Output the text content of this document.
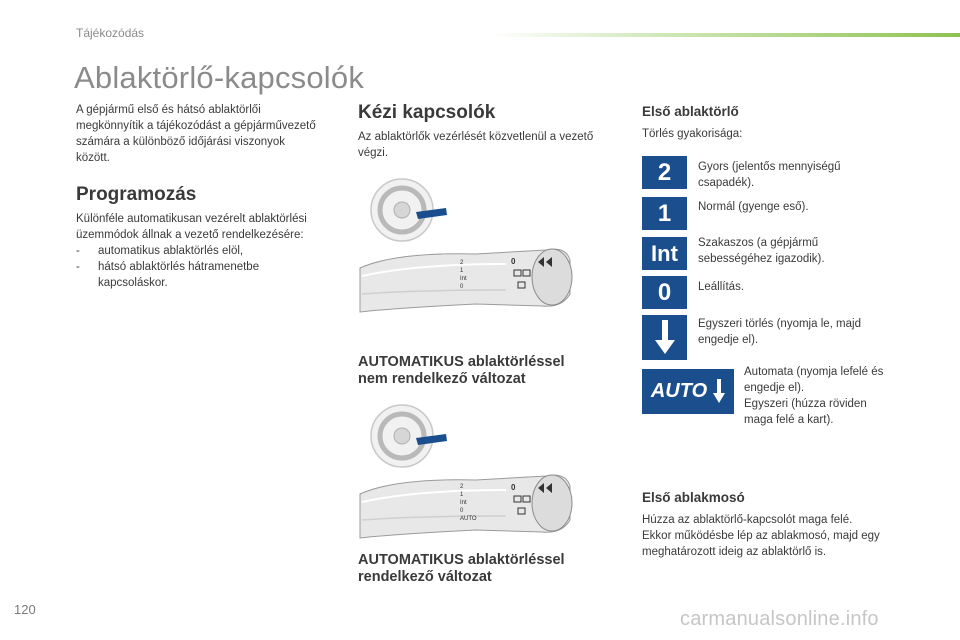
Tájékozódás
Ablaktörlő-kapcsolók
A gépjármű első és hátsó ablaktörlői
megkönnyítik a tájékozódást a gépjárművezető
számára a különböző időjárási viszonyok
között.
Programozás
Különféle automatikusan vezérelt ablaktörlési
üzemmódok állnak a vezető rendelkezésére:
- automatikus ablaktörlés elöl,
- hátsó ablaktörlés hátramenetbe kapcsoláskor.
Kézi kapcsolók
Az ablaktörlők vezérlését közvetlenül a vezető
végzi.
2
1
Int
0
0
AUTOMATIKUS ablaktörléssel
nem rendelkező változat
2
1
Int
0
AUTO
0
AUTOMATIKUS ablaktörléssel
rendelkező változat
Első ablaktörlő
Törlés gyakorisága:
2	Gyors (jelentős mennyiségű
csapadék).
1	Normál (gyenge eső).
Int	Szakaszos (a gépjármű
sebességéhez igazodik).
0	Leállítás.
Egyszeri törlés (nyomja le, majd
engedje el).
AUTO
Automata (nyomja lefelé és
engedje el).
Egyszeri (húzza röviden
maga felé a kart).
Első ablakmosó
Húzza az ablaktörlő-kapcsolót maga felé.
Ekkor működésbe lép az ablakmosó, majd egy
meghatározott ideig az ablaktörlő is.
120	carmanualsonline.info
